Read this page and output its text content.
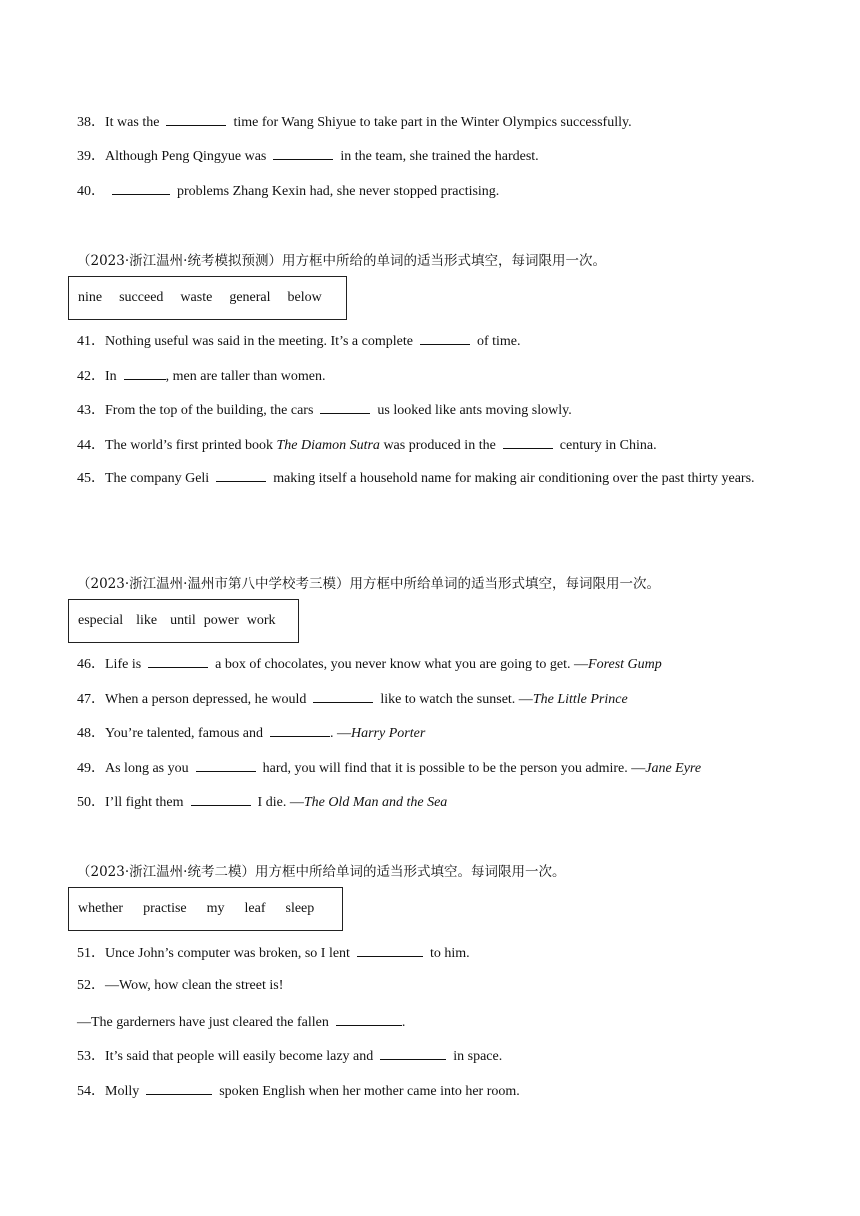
38．It was the	time for Wang Shiyue to take part in the Winter Olympics successfully.
39．Although Peng Qingyue was	in the team, she trained the hardest.
40．	problems Zhang Kexin had, she never stopped practising.
（2023·浙江温州·统考模拟预测）用方框中所给的单词的适当形式填空，每词限用一次。
nine succeed waste general below
41．Nothing useful was said in the meeting. It’s a complete	of time.
42．In	, men are taller than women.
43．From the top of the building, the cars	us looked like ants moving slowly.
44．The world’s first printed book The Diamon Sutra was produced in the	century in China.
45．The company Geli	making itself a household name for making air conditioning over the past thirty years.
（2023·浙江温州·温州市第八中学校考三模）用方框中所给单词的适当形式填空，每词限用一次。
especial like until power work
46．Life is	a box of chocolates, you never know what you are going to get. —Forest Gump
47．When a person depressed, he would	like to watch the sunset. —The Little Prince
48．You’re talented, famous and	. —Harry Porter
49．As long as you	hard, you will find that it is possible to be the person you admire. —Jane Eyre
50．I’ll fight them	I die. —The Old Man and the Sea
（2023·浙江温州·统考二模）用方框中所给单词的适当形式填空。每词限用一次。
whether practise my leaf sleep
51．Unce John’s computer was broken, so I lent	to him.
52．—Wow, how clean the street is!
—The garderners have just cleared the fallen	.
53．It’s said that people will easily become lazy and	in space.
54．Molly	spoken English when her mother came into her room.
